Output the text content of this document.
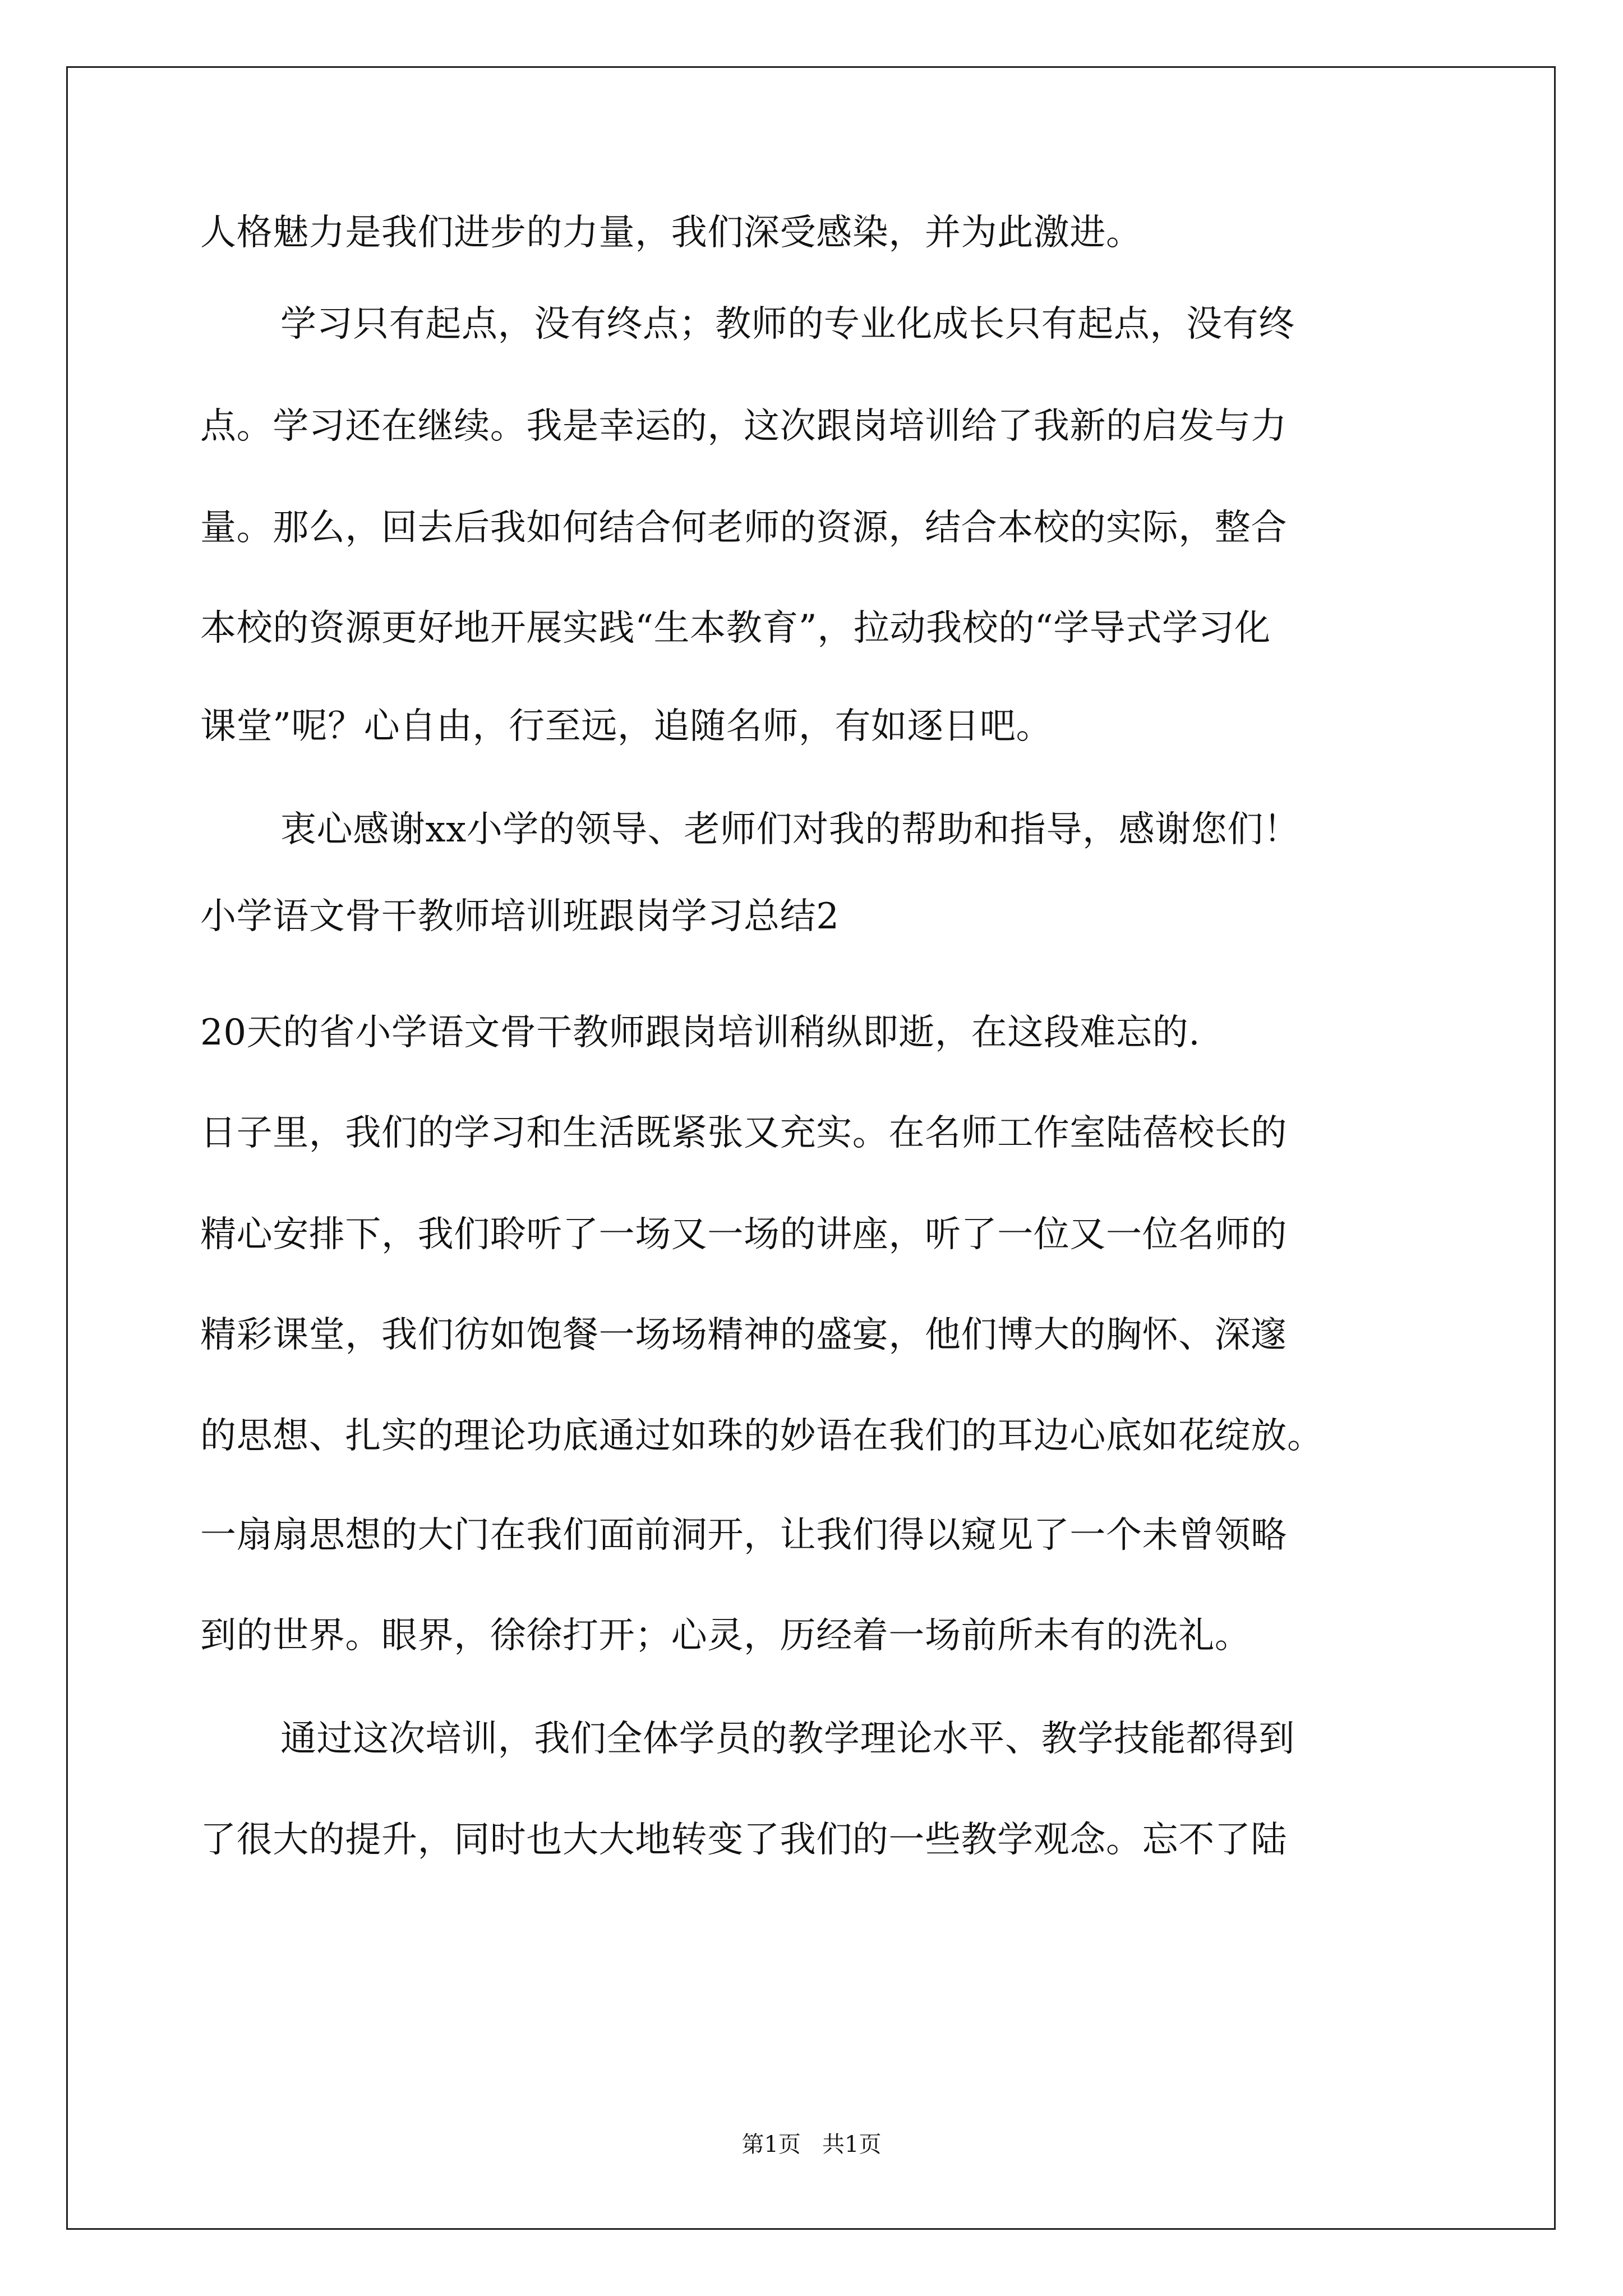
人格魅力是我们进步的力量，我们深受感染，并为此激进。
学习只有起点，没有终点；教师的专业化成长只有起点，没有终
点。学习还在继续。我是幸运的，这次跟岗培训给了我新的启发与力
量。那么，回去后我如何结合何老师的资源，结合本校的实际，整合
本校的资源更好地开展实践“生本教育”，拉动我校的“学导式学习化
课堂”呢？心自由，行至远，追随名师，有如逐日吧。
衷心感谢xx小学的领导、老师们对我的帮助和指导，感谢您们！
小学语文骨干教师培训班跟岗学习总结2
20天的省小学语文骨干教师跟岗培训稍纵即逝，在这段难忘的.
日子里，我们的学习和生活既紧张又充实。在名师工作室陆蓓校长的
精心安排下，我们聆听了一场又一场的讲座，听了一位又一位名师的
精彩课堂，我们彷如饱餐一场场精神的盛宴，他们博大的胸怀、深邃
的思想、扎实的理论功底通过如珠的妙语在我们的耳边心底如花绽放。
一扇扇思想的大门在我们面前洞开，让我们得以窥见了一个未曾领略
到的世界。眼界，徐徐打开；心灵，历经着一场前所未有的洗礼。
通过这次培训，我们全体学员的教学理论水平、教学技能都得到
了很大的提升，同时也大大地转变了我们的一些教学观念。忘不了陆
第1页   共1页
